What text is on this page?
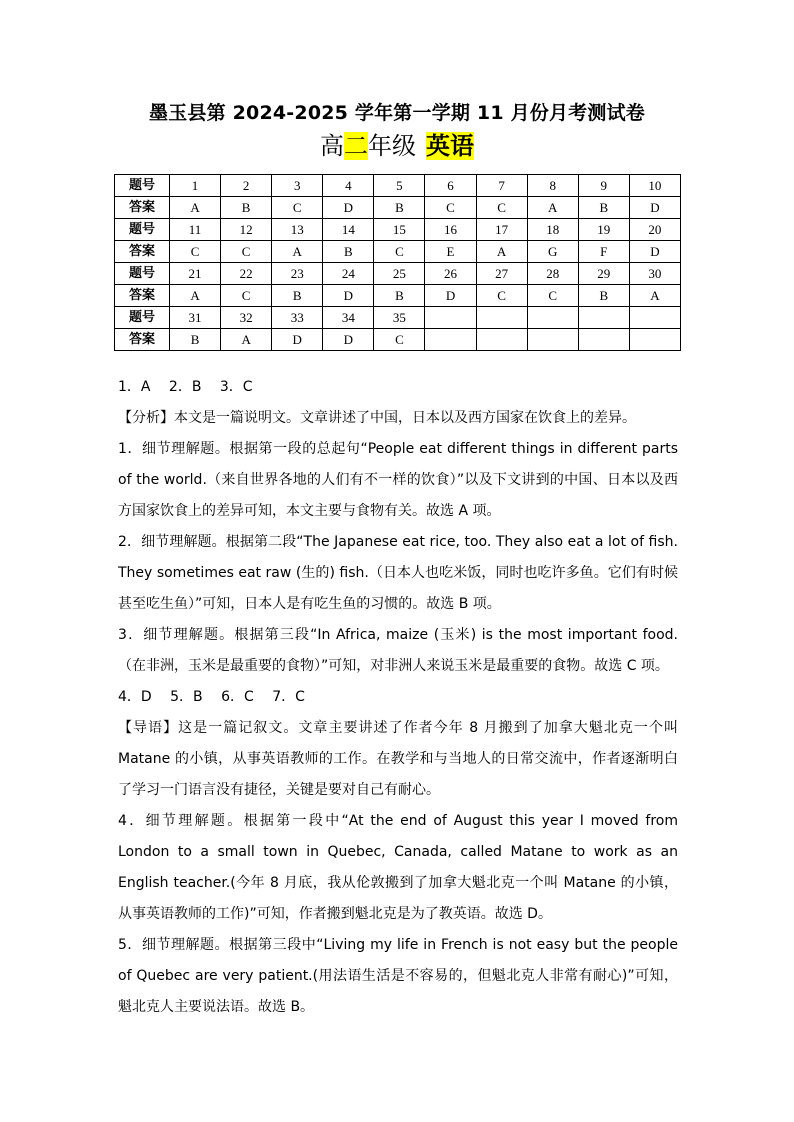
墨玉县第 2024-2025 学年第一学期 11 月份月考测试卷
高二年级 英语
题号	1	2	3	4	5	6	7	8	9	10
答案	A	B	C	D	B	C	C	A	B	D
题号	11	12	13	14	15	16	17	18	19	20
答案	C	C	A	B	C	E	A	G	F	D
题号	21	22	23	24	25	26	27	28	29	30
答案	A	C	B	D	B	D	C	C	B	A
题号	31	32	33	34	35					
答案	B	A	D	D	C					

1．A　 2．B　 3．C

【分析】本文是一篇说明文。文章讲述了中国，日本以及西方国家在饮食上的差异。

1．细节理解题。根据第一段的总起句“People eat different things in different parts of the world.（来自世界各地的人们有不一样的饮食）”以及下文讲到的中国、日本以及西方国家饮食上的差异可知，本文主要与食物有关。故选 A 项。

2．细节理解题。根据第二段“The Japanese eat rice, too. They also eat a lot of fish. They sometimes eat raw (生的) fish.（日本人也吃米饭，同时也吃许多鱼。它们有时候甚至吃生鱼）”可知，日本人是有吃生鱼的习惯的。故选 B 项。

3．细节理解题。根据第三段“In Africa, maize (玉米) is the most important food. （在非洲，玉米是最重要的食物）”可知，对非洲人来说玉米是最重要的食物。故选 C 项。

4．D　 5．B　 6．C　 7．C

【导语】这是一篇记叙文。文章主要讲述了作者今年 8 月搬到了加拿大魁北克一个叫 Matane 的小镇，从事英语教师的工作。在教学和与当地人的日常交流中，作者逐渐明白了学习一门语言没有捷径，关键是要对自己有耐心。

4．细节理解题。根据第一段中“At the end of August this year I moved from London to a small town in Quebec, Canada, called Matane to work as an English teacher.(今年 8 月底，我从伦敦搬到了加拿大魁北克一个叫 Matane 的小镇，从事英语教师的工作)”可知，作者搬到魁北克是为了教英语。故选 D。

5．细节理解题。根据第三段中“Living my life in French is not easy but the people of Quebec are very patient.(用法语生活是不容易的，但魁北克人非常有耐心)”可知，魁北克人主要说法语。故选 B。
